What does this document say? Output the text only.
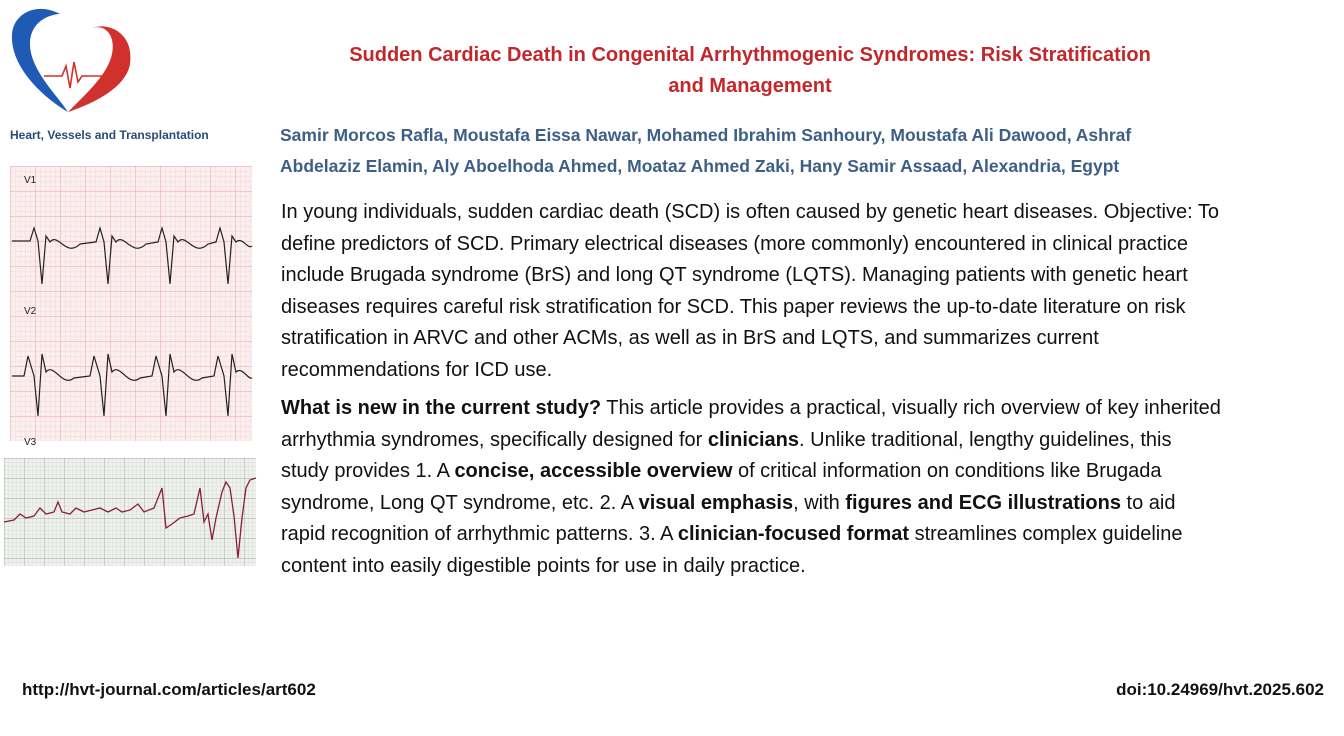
Heart, Vessels and Transplantation
Sudden Cardiac Death in Congenital Arrhythmogenic Syndromes: Risk Stratification
and Management
Samir Morcos Rafla, Moustafa Eissa Nawar, Mohamed Ibrahim Sanhoury, Moustafa Ali Dawood, Ashraf
Abdelaziz Elamin, Aly Aboelhoda Ahmed, Moataz Ahmed Zaki, Hany Samir Assaad, Alexandria, Egypt
V1
V2
V3

In young individuals, sudden cardiac death (SCD) is often caused by genetic heart diseases. Objective: To define predictors of SCD. Primary electrical diseases (more commonly) encountered in clinical practice include Brugada syndrome (BrS) and long QT syndrome (LQTS). Managing patients with genetic heart diseases requires careful risk stratification for SCD. This paper reviews the up-to-date literature on risk stratification in ARVC and other ACMs, as well as in BrS and LQTS, and summarizes current recommendations for ICD use.

What is new in the current study? This article provides a practical, visually rich overview of key inherited arrhythmia syndromes, specifically designed for clinicians. Unlike traditional, lengthy guidelines, this study provides 1. A concise, accessible overview of critical information on conditions like Brugada syndrome, Long QT syndrome, etc. 2. A visual emphasis, with figures and ECG illustrations to aid rapid recognition of arrhythmic patterns. 3. A clinician-focused format streamlines complex guideline content into easily digestible points for use in daily practice.

http://hvt-journal.com/articles/art602	doi:10.24969/hvt.2025.602
